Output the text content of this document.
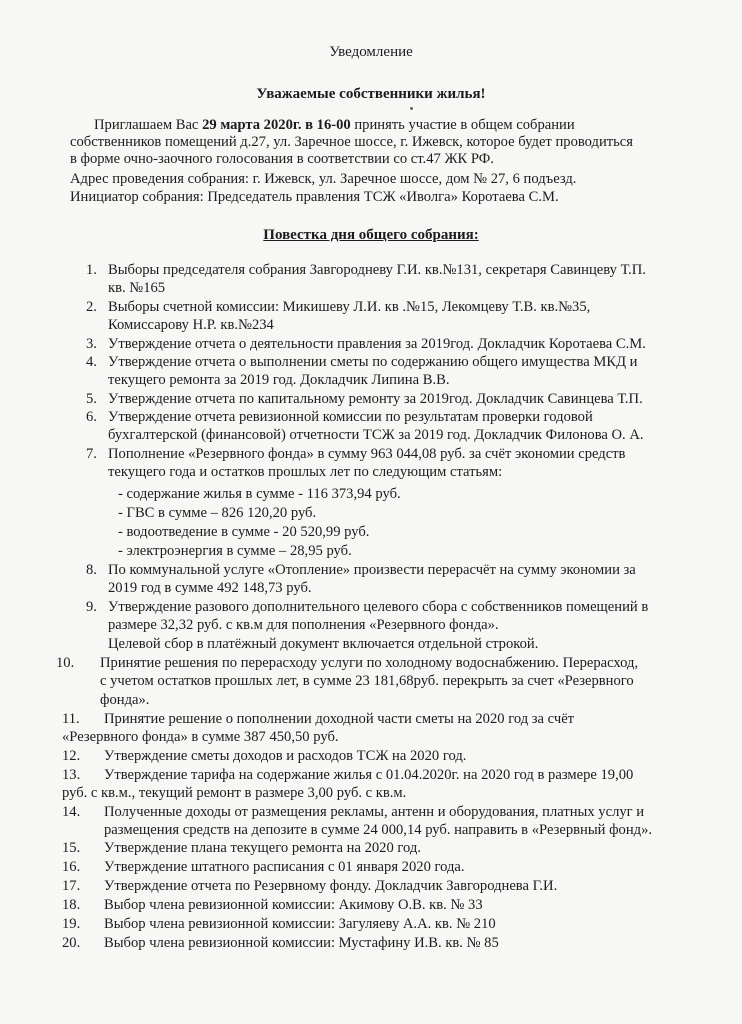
Уведомление
Уважаемые собственники жилья!
Приглашаем Вас 29 марта 2020г. в 16-00 принять участие в общем собрании
собственников помещений д.27, ул. Заречное шоссе, г. Ижевск, которое будет проводиться
в форме очно-заочного голосования в соответствии со ст.47 ЖК РФ.
Адрес проведения собрания: г. Ижевск, ул. Заречное шоссе, дом № 27, 6 подъезд.
Инициатор собрания: Председатель правления ТСЖ «Иволга» Коротаева С.М.
Повестка дня общего собрания:
1. Выборы председателя собрания Завгородневу Г.И. кв.№131, секретаря Савинцеву Т.П.
кв. №165
2. Выборы счетной комиссии: Микишеву Л.И. кв .№15, Лекомцеву Т.В. кв.№35,
Комиссарову Н.Р. кв.№234
3. Утверждение отчета о деятельности правления за 2019год. Докладчик Коротаева С.М.
4. Утверждение отчета о выполнении сметы по содержанию общего имущества МКД и
текущего ремонта за 2019 год. Докладчик Липина В.В.
5. Утверждение отчета по капитальному ремонту за 2019год. Докладчик Савинцева Т.П.
6. Утверждение отчета ревизионной комиссии по результатам проверки годовой
бухгалтерской (финансовой) отчетности ТСЖ за 2019 год. Докладчик Филонова О. А.
7. Пополнение «Резервного фонда» в сумму 963 044,08 руб. за счёт экономии средств
текущего года и остатков прошлых лет по следующим статьям:
8. По коммунальной услуге «Отопление» произвести перерасчёт на сумму экономии за
2019 год в сумме 492 148,73 руб.
9. Утверждение разового дополнительного целевого сбора с собственников помещений в
размере 32,32 руб. с кв.м для пополнения «Резервного фонда».
Целевой сбор в платёжный документ включается отдельной строкой.
10. Принятие решения по перерасходу услуги по холодному водоснабжению. Перерасход,
с учетом остатков прошлых лет, в сумме 23 181,68руб. перекрыть за счет «Резервного
фонда».
11. Принятие решение о пополнении доходной части сметы на 2020 год за счёт
«Резервного фонда» в сумме 387 450,50 руб.
12. Утверждение сметы доходов и расходов ТСЖ на 2020 год.
13. Утверждение тарифа на содержание жилья с 01.04.2020г. на 2020 год в размере 19,00
руб. с кв.м., текущий ремонт в размере 3,00 руб. с кв.м.
14. Полученные доходы от размещения рекламы, антенн и оборудования, платных услуг и
размещения средств на депозите в сумме 24 000,14 руб. направить в «Резервный фонд».
15. Утверждение плана текущего ремонта на 2020 год.
16. Утверждение штатного расписания с 01 января 2020 года.
17. Утверждение отчета по Резервному фонду. Докладчик Завгороднева Г.И.
18. Выбор члена ревизионной комиссии: Акимову О.В. кв. № 33
19. Выбор члена ревизионной комиссии: Загуляеву А.А. кв. № 210
20. Выбор члена ревизионной комиссии: Мустафину И.В. кв. № 85
- содержание жилья в сумме - 116 373,94 руб.
- ГВС в сумме – 826 120,20 руб.
- водоотведение в сумме - 20 520,99 руб.
- электроэнергия в сумме – 28,95 руб.
